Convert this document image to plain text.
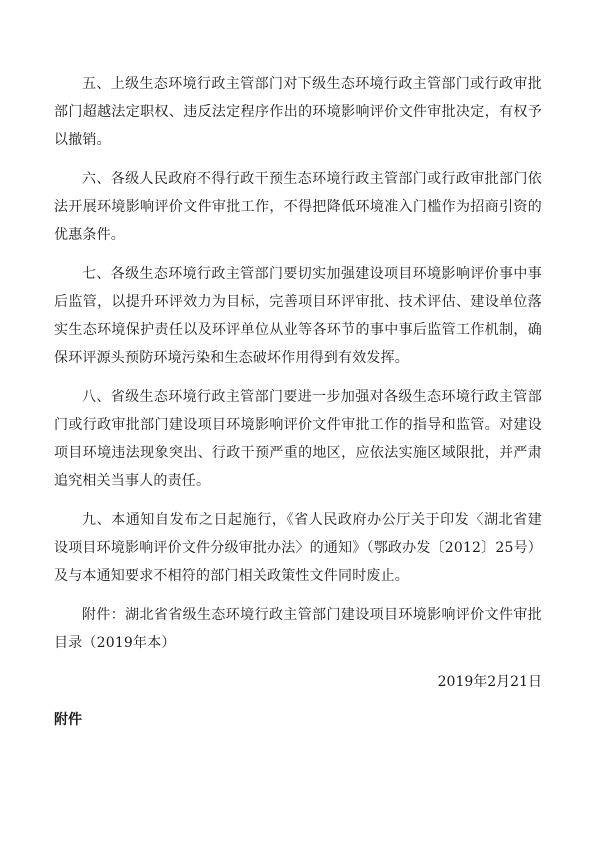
五、上级生态环境行政主管部门对下级生态环境行政主管部门或行政审批部门超越法定职权、违反法定程序作出的环境影响评价文件审批决定，有权予以撤销。

六、各级人民政府不得行政干预生态环境行政主管部门或行政审批部门依法开展环境影响评价文件审批工作，不得把降低环境准入门槛作为招商引资的优惠条件。

七、各级生态环境行政主管部门要切实加强建设项目环境影响评价事中事后监管，以提升环评效力为目标，完善项目环评审批、技术评估、建设单位落实生态环境保护责任以及环评单位从业等各环节的事中事后监管工作机制，确保环评源头预防环境污染和生态破坏作用得到有效发挥。

八、省级生态环境行政主管部门要进一步加强对各级生态环境行政主管部门或行政审批部门建设项目环境影响评价文件审批工作的指导和监管。对建设项目环境违法现象突出、行政干预严重的地区，应依法实施区域限批，并严肃追究相关当事人的责任。

九、本通知自发布之日起施行，《省人民政府办公厅关于印发〈湖北省建设项目环境影响评价文件分级审批办法〉的通知》（鄂政办发〔2012〕25号）及与本通知要求不相符的部门相关政策性文件同时废止。

附件：湖北省省级生态环境行政主管部门建设项目环境影响评价文件审批目录（2019年本）

2019年2月21日

附件
